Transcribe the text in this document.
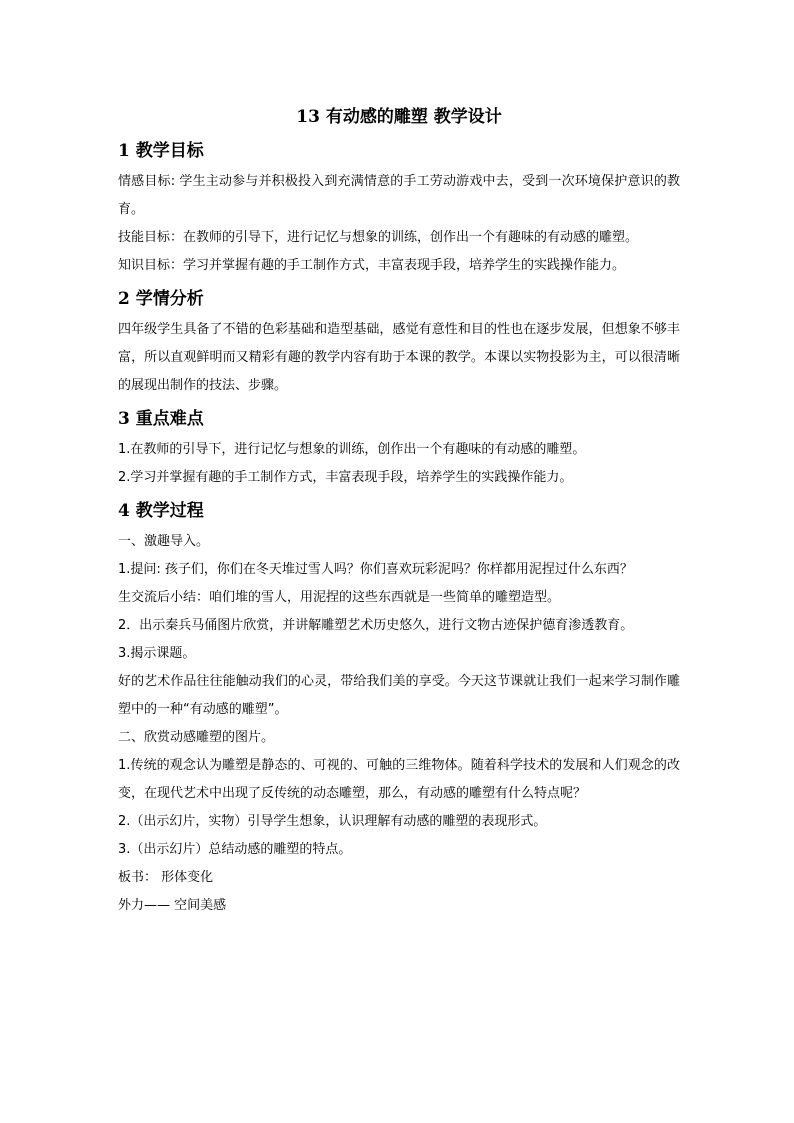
13 有动感的雕塑 教学设计
1 教学目标

情感目标: 学生主动参与并积极投入到充满情意的手工劳动游戏中去，受到一次环境保护意识的教育。

技能目标：在教师的引导下，进行记忆与想象的训练，创作出一个有趣味的有动感的雕塑。

知识目标：学习并掌握有趣的手工制作方式，丰富表现手段，培养学生的实践操作能力。

2 学情分析

四年级学生具备了不错的色彩基础和造型基础，感觉有意性和目的性也在逐步发展，但想象不够丰富，所以直观鲜明而又精彩有趣的教学内容有助于本课的教学。本课以实物投影为主，可以很清晰的展现出制作的技法、步骤。

3 重点难点

1.在教师的引导下，进行记忆与想象的训练，创作出一个有趣味的有动感的雕塑。

2.学习并掌握有趣的手工制作方式，丰富表现手段，培养学生的实践操作能力。

4 教学过程

一、激趣导入。

1.提问: 孩子们，你们在冬天堆过雪人吗？你们喜欢玩彩泥吗？你样都用泥捏过什么东西？

生交流后小结：咱们堆的雪人，用泥捏的这些东西就是一些简单的雕塑造型。

2．出示秦兵马俑图片欣赏，并讲解雕塑艺术历史悠久，进行文物古迹保护德育渗透教育。

3.揭示课题。

好的艺术作品往往能触动我们的心灵，带给我们美的享受。今天这节课就让我们一起来学习制作雕塑中的一种“有动感的雕塑”。

二、欣赏动感雕塑的图片。

1.传统的观念认为雕塑是静态的、可视的、可触的三维物体。随着科学技术的发展和人们观念的改变，在现代艺术中出现了反传统的动态雕塑，那么，有动感的雕塑有什么特点呢？

2.（出示幻片，实物）引导学生想象，认识理解有动感的雕塑的表现形式。

3.（出示幻片）总结动感的雕塑的特点。

板书： 形体变化

外力—— 空间美感
